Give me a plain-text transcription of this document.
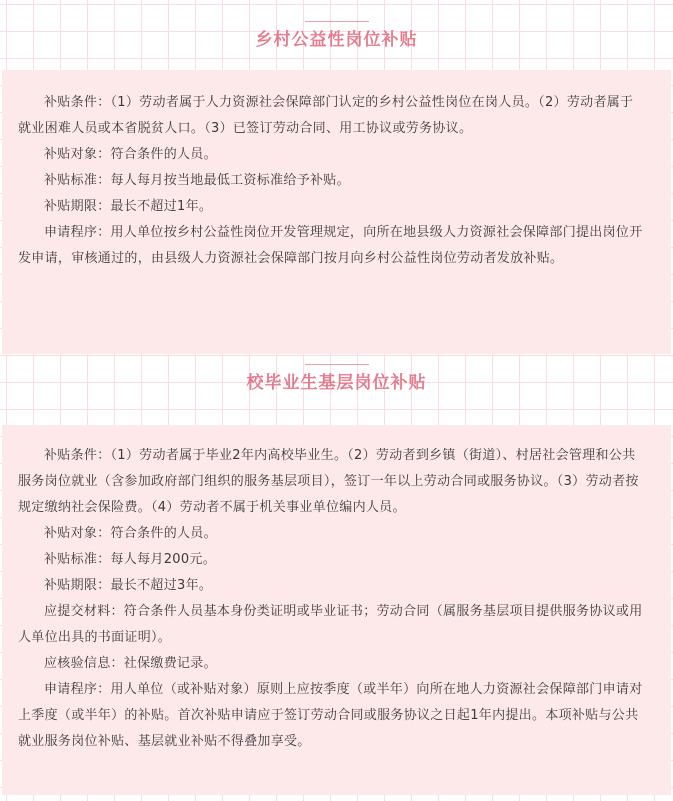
乡村公益性岗位补贴

补贴条件：（1）劳动者属于人力资源社会保障部门认定的乡村公益性岗位在岗人员。（2）劳动者属于就业困难人员或本省脱贫人口。（3）已签订劳动合同、用工协议或劳务协议。

补贴对象：符合条件的人员。

补贴标准：每人每月按当地最低工资标准给予补贴。

补贴期限：最长不超过1年。

申请程序：用人单位按乡村公益性岗位开发管理规定，向所在地县级人力资源社会保障部门提出岗位开发申请，审核通过的，由县级人力资源社会保障部门按月向乡村公益性岗位劳动者发放补贴。

校毕业生基层岗位补贴

补贴条件：（1）劳动者属于毕业2年内高校毕业生。（2）劳动者到乡镇（街道）、村居社会管理和公共服务岗位就业（含参加政府部门组织的服务基层项目），签订一年以上劳动合同或服务协议。（3）劳动者按规定缴纳社会保险费。（4）劳动者不属于机关事业单位编内人员。

补贴对象：符合条件的人员。

补贴标准：每人每月200元。

补贴期限：最长不超过3年。

应提交材料：符合条件人员基本身份类证明或毕业证书；劳动合同（属服务基层项目提供服务协议或用人单位出具的书面证明）。

应核验信息：社保缴费记录。

申请程序：用人单位（或补贴对象）原则上应按季度（或半年）向所在地人力资源社会保障部门申请对上季度（或半年）的补贴。首次补贴申请应于签订劳动合同或服务协议之日起1年内提出。本项补贴与公共就业服务岗位补贴、基层就业补贴不得叠加享受。
